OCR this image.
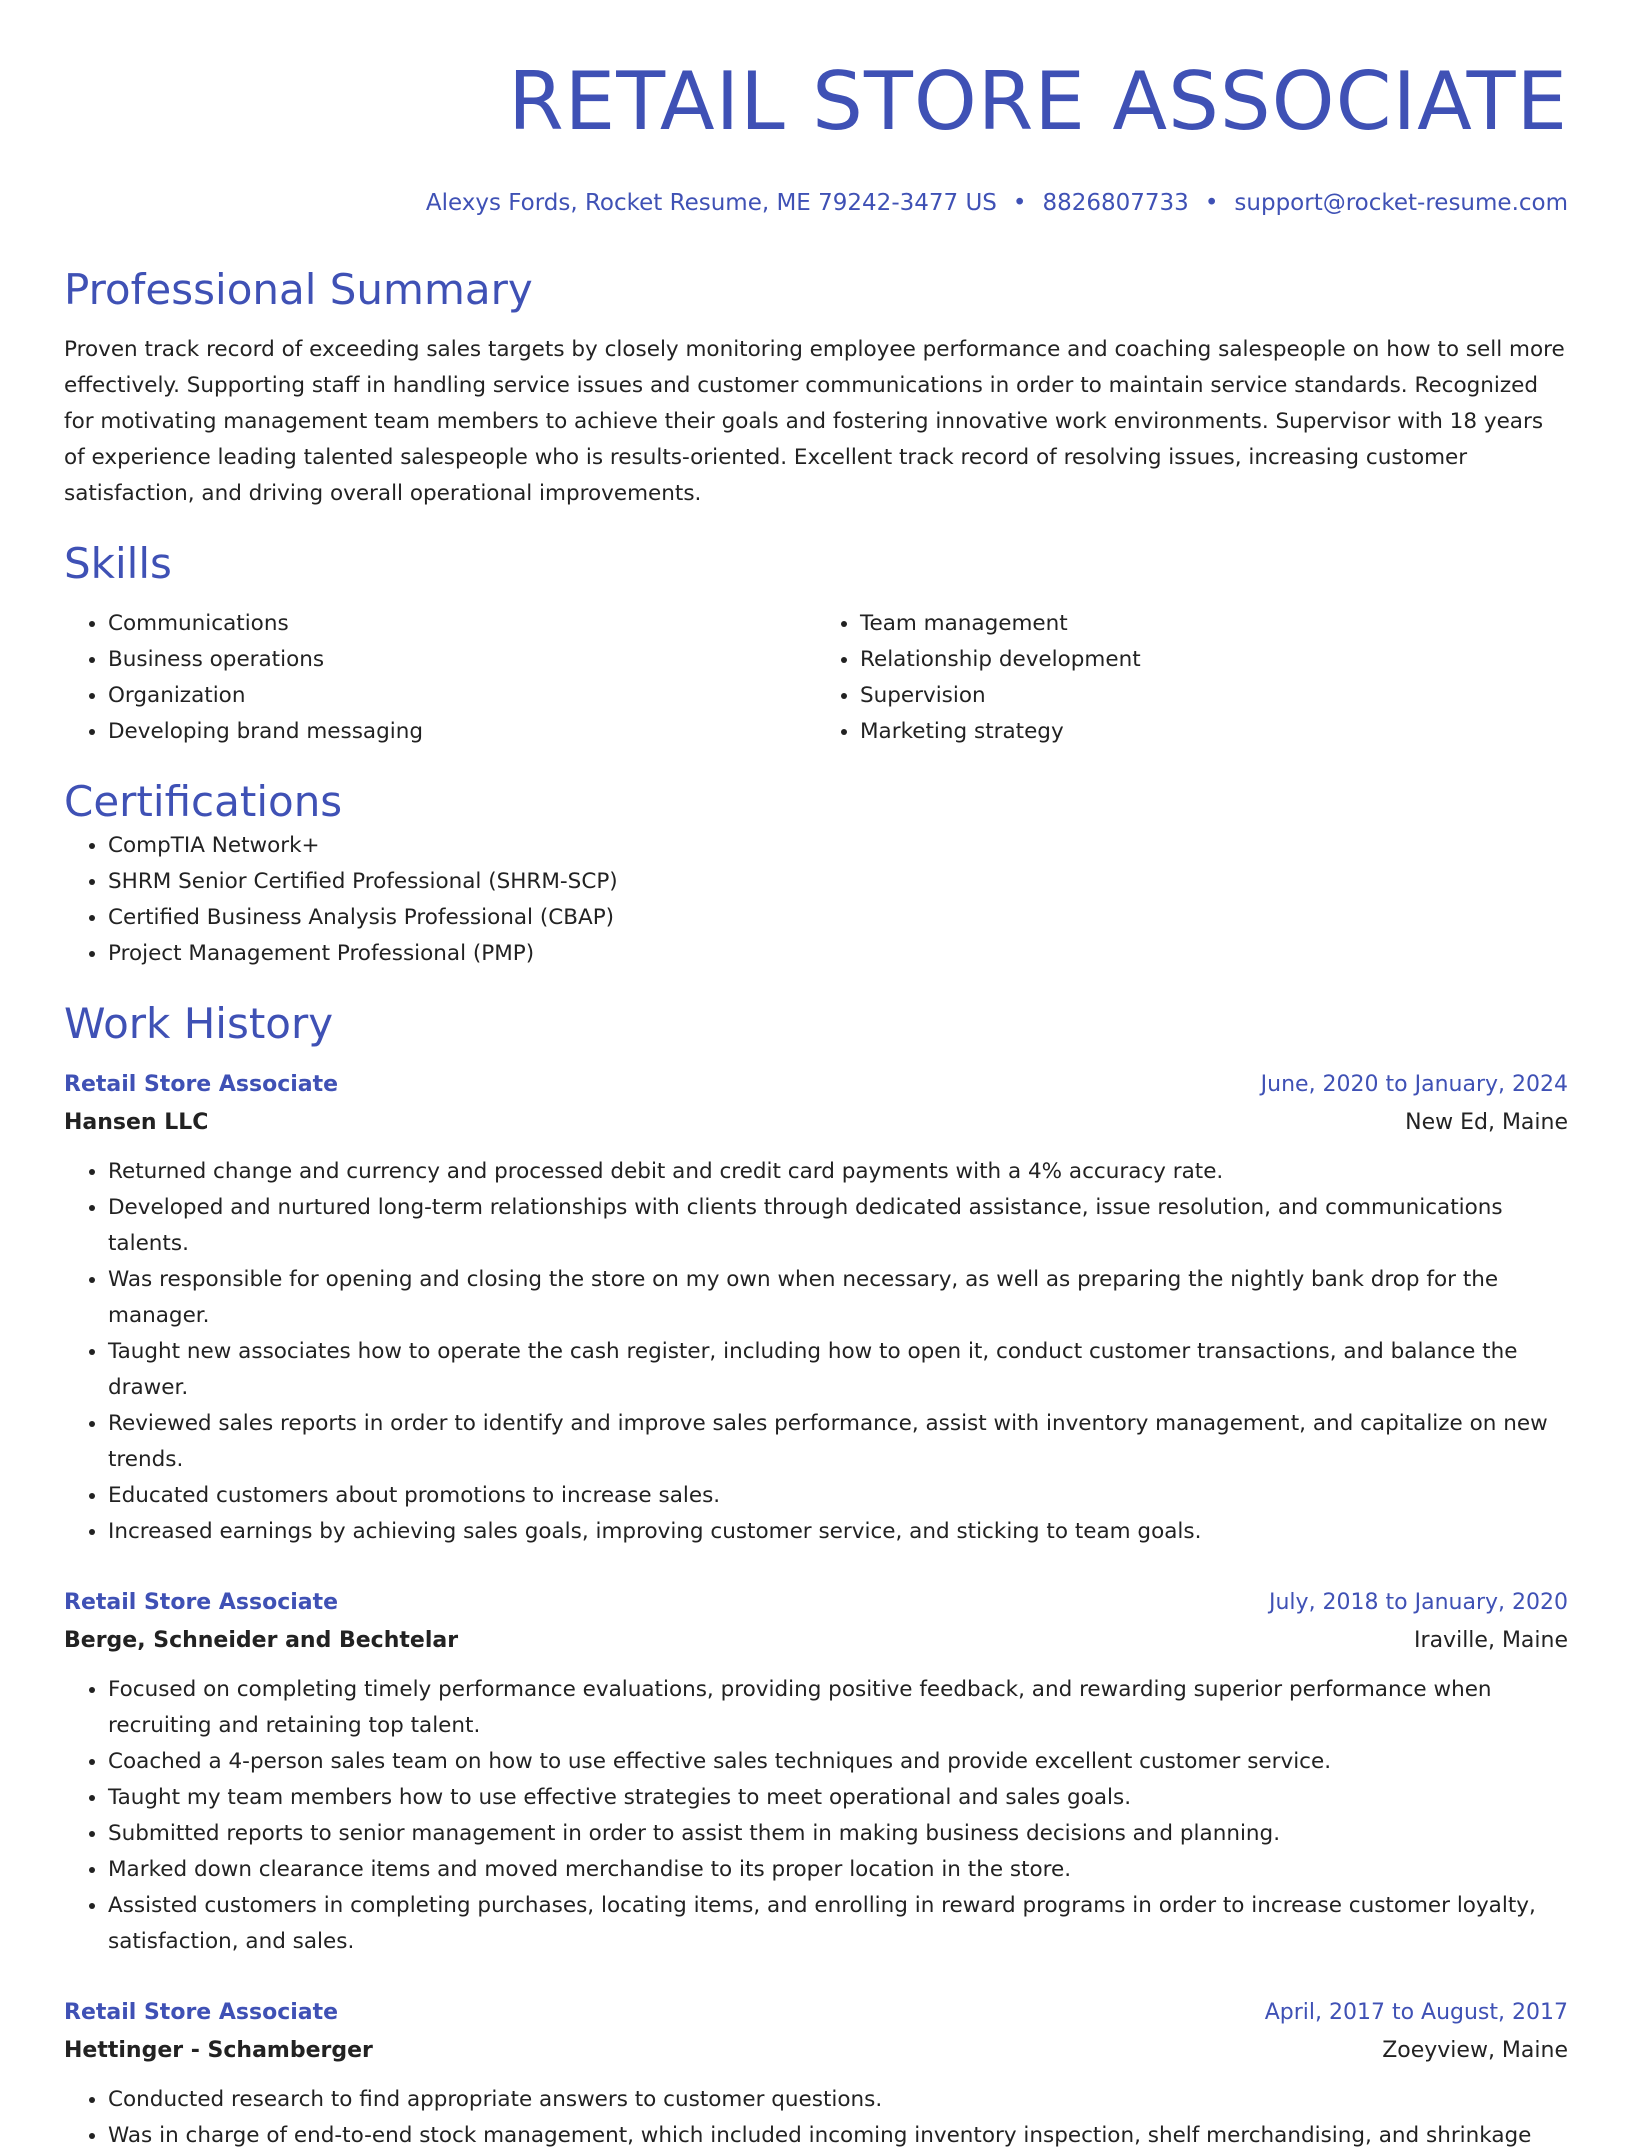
RETAIL STORE ASSOCIATE
Alexys Fords, Rocket Resume, ME 79242-3477 US • 8826807733 • support@rocket-resume.com
Professional Summary
Proven track record of exceeding sales targets by closely monitoring employee performance and coaching salespeople on how to sell more effectively. Supporting staff in handling service issues and customer communications in order to maintain service standards. Recognized for motivating management team members to achieve their goals and fostering innovative work environments. Supervisor with 18 years of experience leading talented salespeople who is results-oriented. Excellent track record of resolving issues, increasing customer satisfaction, and driving overall operational improvements.
Skills
• Communications
• Business operations
• Organization
• Developing brand messaging
• Team management
• Relationship development
• Supervision
• Marketing strategy
Certifications
• CompTIA Network+
• SHRM Senior Certified Professional (SHRM-SCP)
• Certified Business Analysis Professional (CBAP)
• Project Management Professional (PMP)
Work History
Retail Store Associate	June, 2020 to January, 2024
Hansen LLC	New Ed, Maine
• Returned change and currency and processed debit and credit card payments with a 4% accuracy rate.
• Developed and nurtured long-term relationships with clients through dedicated assistance, issue resolution, and communications talents.
• Was responsible for opening and closing the store on my own when necessary, as well as preparing the nightly bank drop for the manager.
• Taught new associates how to operate the cash register, including how to open it, conduct customer transactions, and balance the drawer.
• Reviewed sales reports in order to identify and improve sales performance, assist with inventory management, and capitalize on new trends.
• Educated customers about promotions to increase sales.
• Increased earnings by achieving sales goals, improving customer service, and sticking to team goals.
Retail Store Associate	July, 2018 to January, 2020
Berge, Schneider and Bechtelar	Iraville, Maine
• Focused on completing timely performance evaluations, providing positive feedback, and rewarding superior performance when recruiting and retaining top talent.
• Coached a 4-person sales team on how to use effective sales techniques and provide excellent customer service.
• Taught my team members how to use effective strategies to meet operational and sales goals.
• Submitted reports to senior management in order to assist them in making business decisions and planning.
• Marked down clearance items and moved merchandise to its proper location in the store.
• Assisted customers in completing purchases, locating items, and enrolling in reward programs in order to increase customer loyalty, satisfaction, and sales.
Retail Store Associate	April, 2017 to August, 2017
Hettinger - Schamberger	Zoeyview, Maine
• Conducted research to find appropriate answers to customer questions.
• Was in charge of end-to-end stock management, which included incoming inventory inspection, shelf merchandising, and shrinkage
